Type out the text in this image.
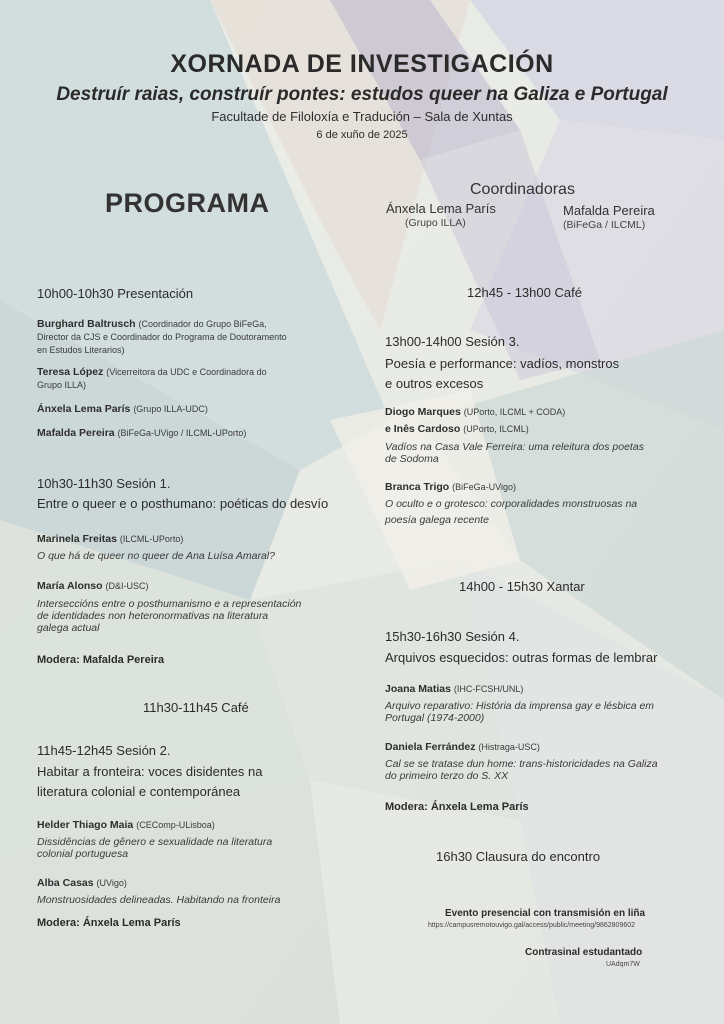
XORNADA DE INVESTIGACIÓN
Destruír raias, construír pontes: estudos queer na Galiza e Portugal
Facultade de Filoloxía e Tradución – Sala de Xuntas
6 de xuño de 2025
PROGRAMA	Coordinadoras
Ánxela Lema París
(Grupo ILLA)
Mafalda Pereira
(BiFeGa / ILCML)
10h00-10h30 Presentación
Burghard Baltrusch (Coordinador do Grupo BiFeGa,
Director da CJS e Coordinador do Programa de Doutoramento
en Estudos Literarios)
Teresa López (Vicerreitora da UDC e Coordinadora do
Grupo ILLA)
Ánxela Lema París (Grupo ILLA-UDC)
Mafalda Pereira (BiFeGa-UVigo / ILCML-UPorto)
10h30-11h30 Sesión 1.
Entre o queer e o posthumano: poéticas do desvío
Marinela Freitas (ILCML-UPorto)
O que há de queer no queer de Ana Luísa Amaral?
María Alonso (D&I-USC)
Interseccións entre o posthumanismo e a representación
de identidades non heteronormativas na literatura
galega actual
Modera: Mafalda Pereira
11h30-11h45 Café
11h45-12h45 Sesión 2.
Habitar a fronteira: voces disidentes na
literatura colonial e contemporánea
Helder Thiago Maia (CEComp-ULisboa)
Dissidências de gênero e sexualidade na literatura
colonial portuguesa
Alba Casas (UVigo)
Monstruosidades delineadas. Habitando na fronteira
Modera: Ánxela Lema París
12h45 - 13h00 Café
13h00-14h00 Sesión 3.
Poesía e performance: vadíos, monstros
e outros excesos
Diogo Marques (UPorto, ILCML + CODA)
e Inês Cardoso (UPorto, ILCML)
Vadíos na Casa Vale Ferreira: uma releitura dos poetas
de Sodoma
Branca Trigo (BiFeGa-UVigo)
O oculto e o grotesco: corporalidades monstruosas na
poesía galega recente
14h00 - 15h30 Xantar
15h30-16h30 Sesión 4.
Arquivos esquecidos: outras formas de lembrar
Joana Matias (IHC-FCSH/UNL)
Arquivo reparativo: História da imprensa gay e lésbica em
Portugal (1974-2000)
Daniela Ferrández (Histraga-USC)
Cal se se tratase dun home: trans-historicidades na Galiza
do primeiro terzo do S. XX
Modera: Ánxela Lema París
16h30 Clausura do encontro
Evento presencial con transmisión en liña
https://campusremotouvigo.gal/access/public/meeting/9862809602
Contrasinal estudantado
UAdqm7W
